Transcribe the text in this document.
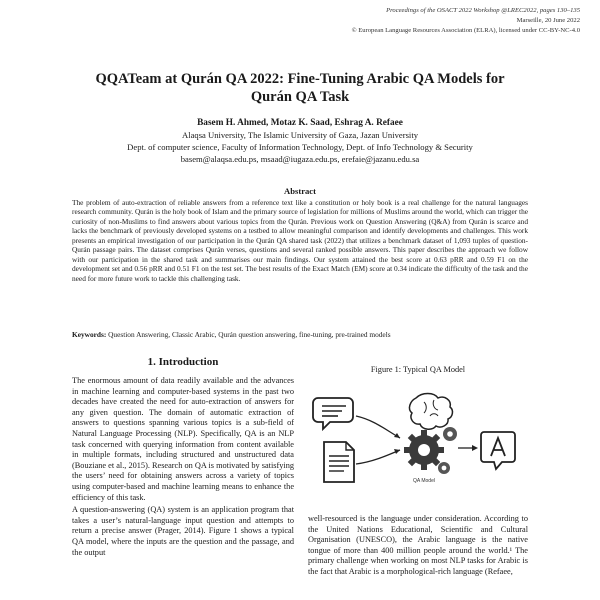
Proceedings of the OSACT 2022 Workshop @LREC2022, pages 130–135
Marseille, 20 June 2022
© European Language Resources Association (ELRA), licensed under CC-BY-NC-4.0
QQATeam at Qurán QA 2022: Fine-Tuning Arabic QA Models for
Qurán QA Task
Basem H. Ahmed, Motaz K. Saad, Eshrag A. Refaee
Alaqsa University, The Islamic University of Gaza, Jazan University
Dept. of computer science, Faculty of Information Technology, Dept. of Info Technology & Security
basem@alaqsa.edu.ps, msaad@iugaza.edu.ps, erefaie@jazanu.edu.sa
Abstract
The problem of auto-extraction of reliable answers from a reference text like a constitution or holy book is a real challenge for the natural languages research community. Qurán is the holy book of Islam and the primary source of legislation for millions of Muslims around the world, which can trigger the curiosity of non-Muslims to find answers about various topics from the Qurán. Previous work on Question Answering (Q&A) from Qurán is scarce and lacks the benchmark of previously developed systems on a testbed to allow meaningful comparison and identify developments and challenges. This work presents an empirical investigation of our participation in the Qurán QA shared task (2022) that utilizes a benchmark dataset of 1,093 tuples of question-Qurán passage pairs. The dataset comprises Qurán verses, questions and several ranked possible answers. This paper describes the approach we follow with our participation in the shared task and summarises our main findings. Our system attained the best score at 0.63 pRR and 0.59 F1 on the development set and 0.56 pRR and 0.51 F1 on the test set. The best results of the Exact Match (EM) score at 0.34 indicate the difficulty of the task and the need for more future work to tackle this challenging task.
Keywords: Question Answering, Classic Arabic, Qurán question answering, fine-tuning, pre-trained models
1. Introduction

The enormous amount of data readily available and the advances in machine learning and computer-based systems in the past two decades have created the need for auto-extraction of answers for any given question. The domain of automatic extraction of answers to questions spanning various topics is a sub-field of Natural Language Processing (NLP). Specifically, QA is an NLP task concerned with querying information from content available in multiple formats, including structured and unstructured data (Bouziane et al., 2015). Research on QA is motivated by satisfying the users’ need for obtaining answers across a variety of topics using computer-based and machine learning means to enhance the efficiency of this task.

A question-answering (QA) system is an application program that takes a user’s natural-language input question and attempts to return a precise answer (Prager, 2014). Figure 1 shows a typical QA model, where the inputs are the question and the passage, and the output

Figure 1: Typical QA Model
QA Model
well-resourced is the language under consideration. According to the United Nations Educational, Scientific and Cultural Organisation (UNESCO), the Arabic language is the native tongue of more than 400 million people around the world.¹ The primary challenge when working on most NLP tasks for Arabic is the fact that Arabic is a morphological-rich language (Refaee,
